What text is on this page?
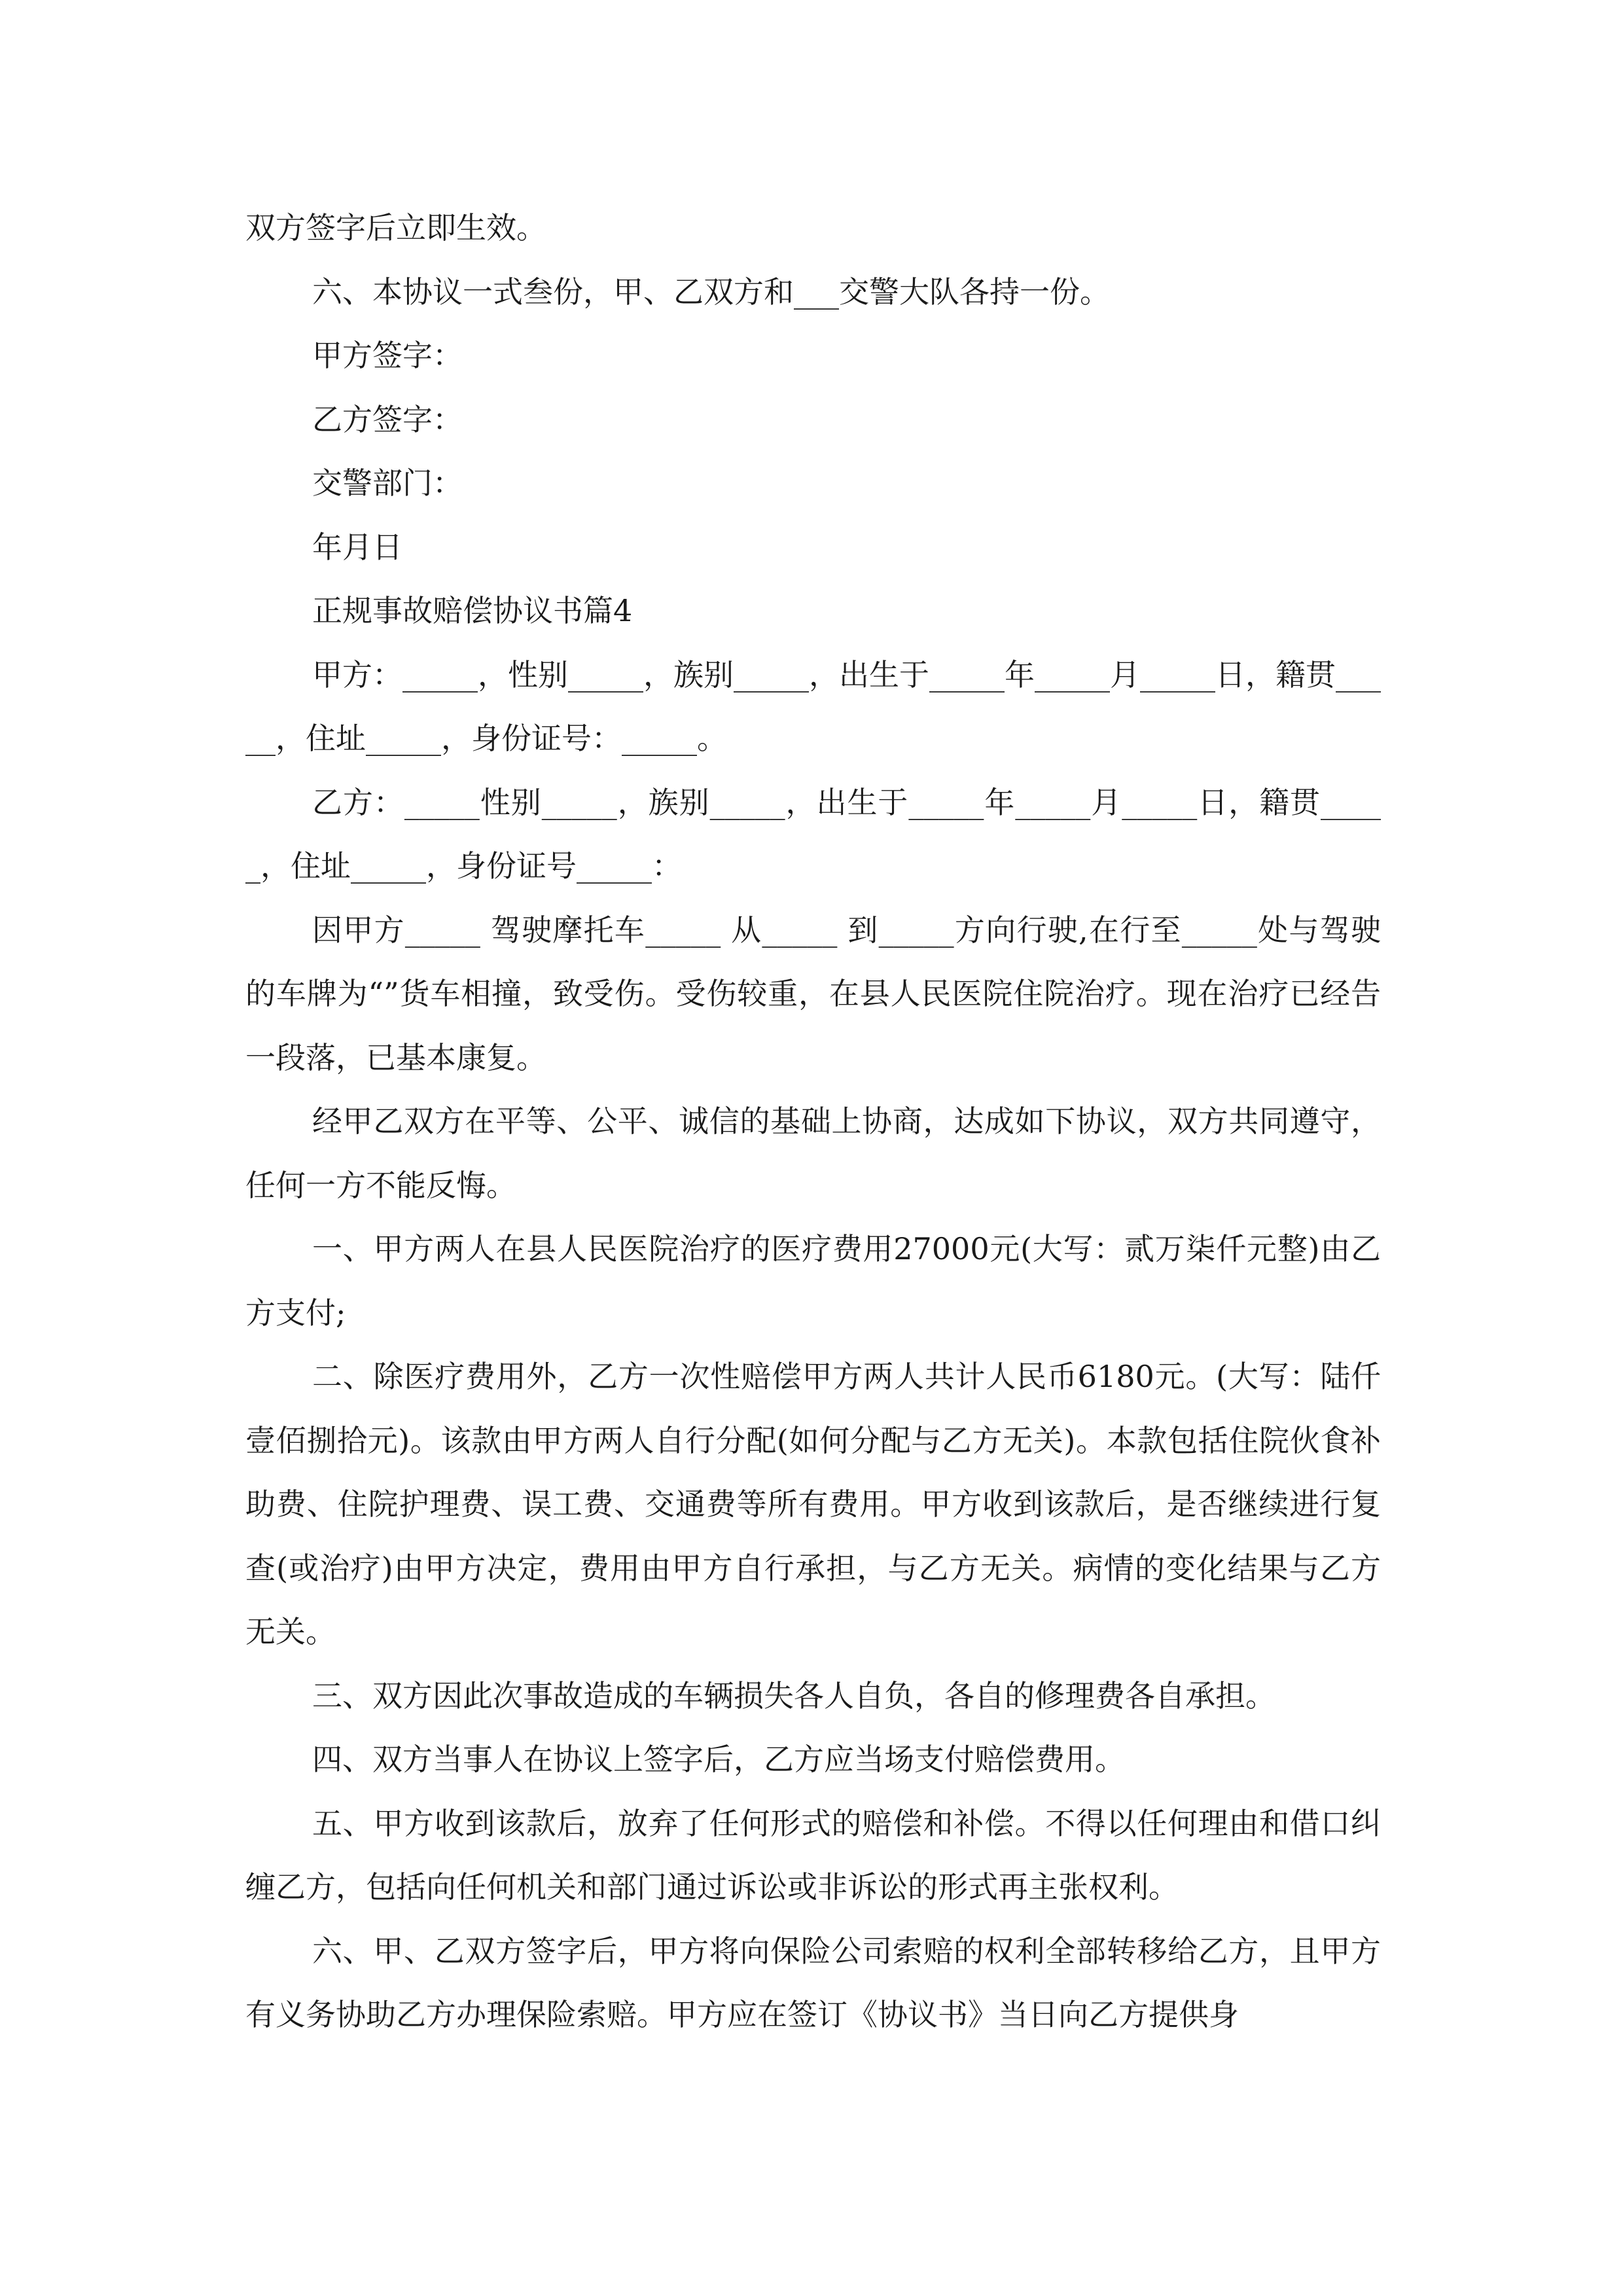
双方签字后立即生效。

六、本协议一式叁份，甲、乙双方和___交警大队各持一份。

甲方签字：

乙方签字：

交警部门：

年月日

正规事故赔偿协议书篇4

甲方：_____，性别_____，族别_____，出生于_____年_____月_____日，籍贯_____，住址_____，身份证号：_____。

乙方：_____性别_____，族别_____，出生于_____年_____月_____日，籍贯_____，住址_____，身份证号_____：

因甲方_____ 驾驶摩托车_____ 从_____ 到_____方向行驶,在行至_____处与驾驶的车牌为“”货车相撞，致受伤。受伤较重，在县人民医院住院治疗。现在治疗已经告一段落，已基本康复。

经甲乙双方在平等、公平、诚信的基础上协商，达成如下协议，双方共同遵守，任何一方不能反悔。

一、甲方两人在县人民医院治疗的医疗费用27000元(大写：贰万柒仟元整)由乙方支付;

二、除医疗费用外，乙方一次性赔偿甲方两人共计人民币6180元。(大写：陆仟壹佰捌拾元)。该款由甲方两人自行分配(如何分配与乙方无关)。本款包括住院伙食补助费、住院护理费、误工费、交通费等所有费用。甲方收到该款后，是否继续进行复查(或治疗)由甲方决定，费用由甲方自行承担，与乙方无关。病情的变化结果与乙方无关。

三、双方因此次事故造成的车辆损失各人自负，各自的修理费各自承担。

四、双方当事人在协议上签字后，乙方应当场支付赔偿费用。

五、甲方收到该款后，放弃了任何形式的赔偿和补偿。不得以任何理由和借口纠缠乙方，包括向任何机关和部门通过诉讼或非诉讼的形式再主张权利。

六、甲、乙双方签字后，甲方将向保险公司索赔的权利全部转移给乙方，且甲方有义务协助乙方办理保险索赔。甲方应在签订《协议书》当日向乙方提供身
